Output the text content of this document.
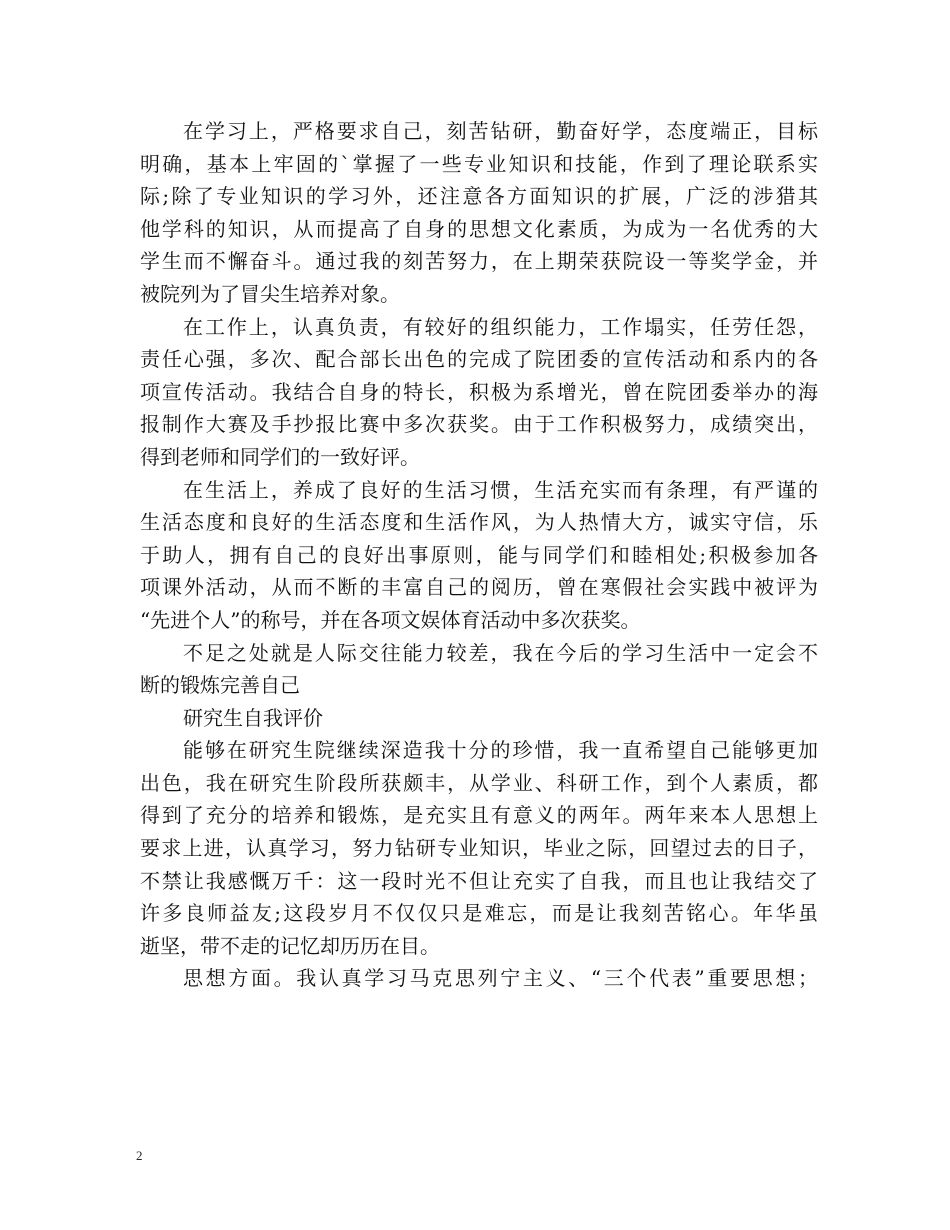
在学习上，严格要求自己，刻苦钻研，勤奋好学，态度端正，目标
明确，基本上牢固的`掌握了一些专业知识和技能，作到了理论联系实
际;除了专业知识的学习外，还注意各方面知识的扩展，广泛的涉猎其
他学科的知识，从而提高了自身的思想文化素质，为成为一名优秀的大
学生而不懈奋斗。通过我的刻苦努力，在上期荣获院设一等奖学金，并
被院列为了冒尖生培养对象。
在工作上，认真负责，有较好的组织能力，工作塌实，任劳任怨，
责任心强，多次、配合部长出色的完成了院团委的宣传活动和系内的各
项宣传活动。我结合自身的特长，积极为系增光，曾在院团委举办的海
报制作大赛及手抄报比赛中多次获奖。由于工作积极努力，成绩突出，
得到老师和同学们的一致好评。
在生活上，养成了良好的生活习惯，生活充实而有条理，有严谨的
生活态度和良好的生活态度和生活作风，为人热情大方，诚实守信，乐
于助人，拥有自己的良好出事原则，能与同学们和睦相处;积极参加各
项课外活动，从而不断的丰富自己的阅历，曾在寒假社会实践中被评为
“先进个人”的称号，并在各项文娱体育活动中多次获奖。
不足之处就是人际交往能力较差，我在今后的学习生活中一定会不
断的锻炼完善自己
研究生自我评价
能够在研究生院继续深造我十分的珍惜，我一直希望自己能够更加
出色，我在研究生阶段所获颇丰，从学业、科研工作，到个人素质，都
得到了充分的培养和锻炼，是充实且有意义的两年。两年来本人思想上
要求上进，认真学习，努力钻研专业知识，毕业之际，回望过去的日子，
不禁让我感慨万千：这一段时光不但让充实了自我，而且也让我结交了
许多良师益友;这段岁月不仅仅只是难忘，而是让我刻苦铭心。年华虽
逝坚，带不走的记忆却历历在目。
思想方面。我认真学习马克思列宁主义、“三个代表”重要思想；
2
